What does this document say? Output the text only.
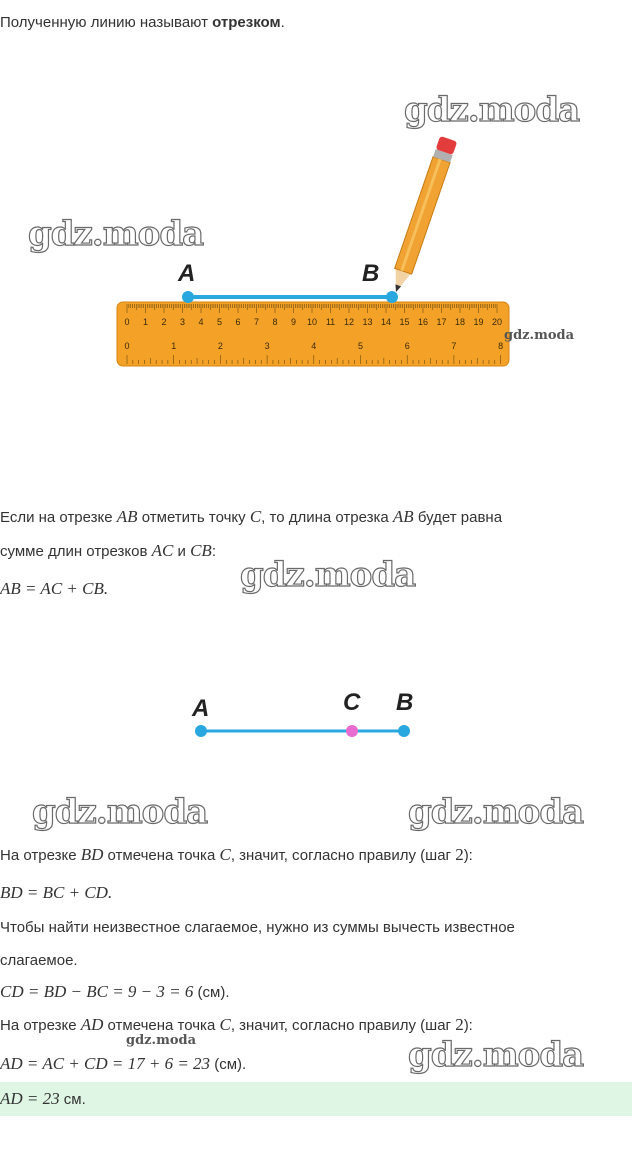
Полученную линию называют отрезком.
0 1 2 3 4 5 6 7 8 9 10 11 12 13 14 15 16 17 18 19 20
0	1	2	3	4	5	6	7	8
A	B
Если на отрезке AB отметить точку C, то длина отрезка AB будет равна
сумме длин отрезков AC и CB:
AB = AC + CB.
A	C B
На отрезке BD отмечена точка C, значит, согласно правилу (шаг 2):
BD = BC + CD.
Чтобы найти неизвестное слагаемое, нужно из суммы вычесть известное
слагаемое.
CD = BD − BC = 9 − 3 = 6 (см).
На отрезке AD отмечена точка C, значит, согласно правилу (шаг 2):
AD = AC + CD = 17 + 6 = 23 (см).
AD = 23 см.
gdz.moda
gdz.moda
gdz.moda
gdz.moda
gdz.moda	gdz.moda
gdz.moda	gdz.moda
